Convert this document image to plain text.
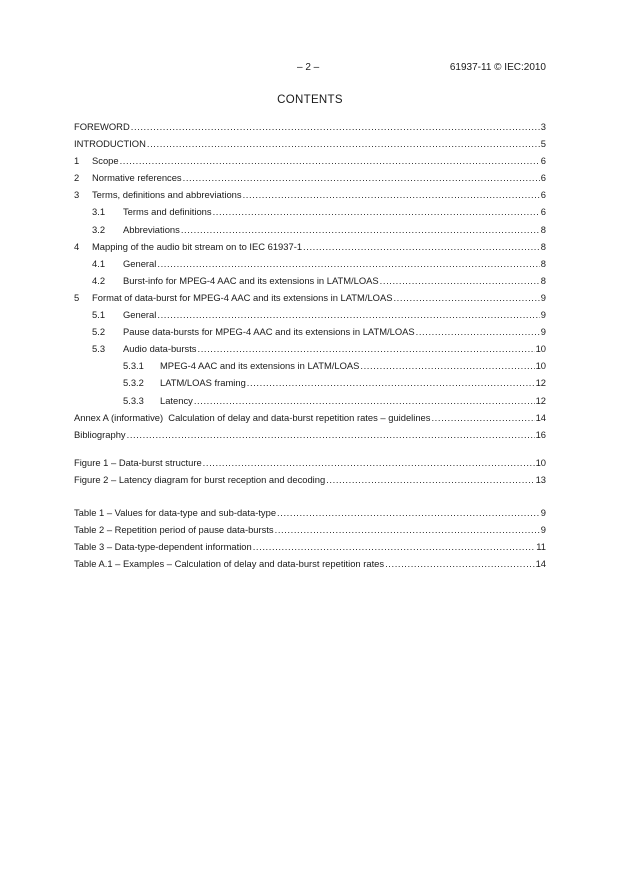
– 2 –	61937-11 © IEC:2010
CONTENTS
FOREWORD .....	3
INTRODUCTION .....	5
1	Scope .....	6
2	Normative references .....	6
3	Terms, definitions and abbreviations .....	6
3.1	Terms and definitions .....	6
3.2	Abbreviations .....	8
4	Mapping of the audio bit stream on to IEC 61937-1 .....	8
4.1	General .....	8
4.2	Burst-info for MPEG-4 AAC and its extensions in LATM/LOAS .....	8
5	Format of data-burst for MPEG-4 AAC and its extensions in LATM/LOAS .....	9
5.1	General .....	9
5.2	Pause data-bursts for MPEG-4 AAC and its extensions in LATM/LOAS .....	9
5.3	Audio data-bursts .....	10
5.3.1	MPEG-4 AAC and its extensions in LATM/LOAS .....	10
5.3.2	LATM/LOAS framing .....	12
5.3.3	Latency .....	12
Annex A (informative)  Calculation of delay and data-burst repetition rates – guidelines .....	14
Bibliography .....	16
Figure 1 – Data-burst structure .....	10
Figure 2 – Latency diagram for burst reception and decoding .....	13
Table 1 – Values for data-type and sub-data-type .....	9
Table 2 – Repetition period of pause data-bursts .....	9
Table 3 – Data-type-dependent information .....	11
Table A.1 – Examples – Calculation of delay and data-burst repetition rates .....	14
